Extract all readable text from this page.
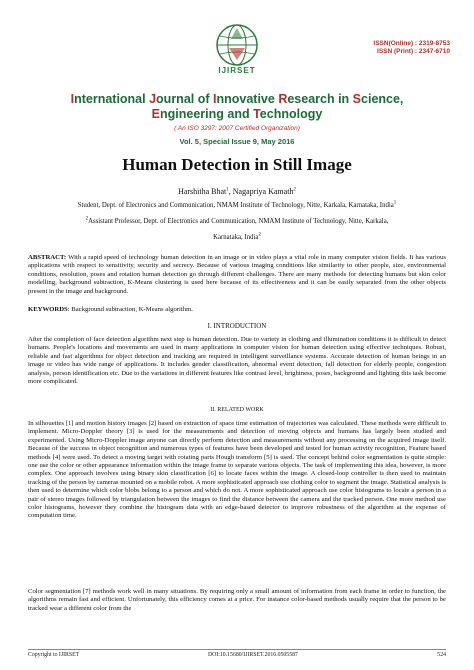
IJIRSET
ISSN(Online) : 2319-8753
ISSN (Print) : 2347-6710
International Journal of Innovative Research in Science,
Engineering and Technology
( An ISO 3297: 2007 Certified Organization)
Vol. 5, Special Issue 9, May 2016
Human Detection in Still Image
Harshitha Bhat$^1$, Nagapriya Kamath$^2$
Student, Dept. of Electronics and Communication, NMAM Institute of Technology, Nitte, Karkala, Karnataka, India$^1$
$^2$Assistant Professor, Dept. of Electronics and Communication, NMAM Institute of Technology, Nitte, Karkala,
Karnataka, India$^2$
ABSTRACT: With a rapid speed of technology human detection in an image or in video plays a vital role in many computer vision fields. It has various applications with respect to sensitivity, security and secrecy. Because of various imaging conditions like similarity to other people, size, environmental conditions, resolution, poses and rotation human detection go through different challenges. There are many methods for detecting humans but skin color modelling, background subtraction, K-Means clustering is used here because of its effectiveness and it can be easily separated from the other objects present in the image and background.
KEYWORDS: Background subtraction, K-Means algorithm.
I. INTRODUCTION
After the completion of face detection algorithm next step is human detection. Due to variety in clothing and illumination conditions it is difficult to detect humans. People's locations and movements are used in many applications in computer vision for human detection using effective techniques. Robust, reliable and fast algorithms for object detection and tracking are required in intelligent surveillance systems. Accurate detection of human beings in an image or video has wide range of applications. It includes gender classification, abnormal event detection, fall detection for elderly people, congestion analysis, person identification etc. Due to the variations in different features like contrast level, brightness, poses, background and lighting this task become more complicated.
II. RELATED WORK
In silhouettes [1] and motion history images [2] based on extraction of space time estimation of trajectories was calculated. These methods were difficult to implement. Micro-Doppler theory [3] is used for the measurements and detection of moving objects and humans has largely been studied and experimented. Using Micro-Doppler image anyone can directly perform detection and measurements without any processing on the acquired image itself. Because of the success in object recognition and numerous types of features have been developed and tested for human activity recognition, Feature based methods [4] were used. To detect a moving target with rotating parts Hough transform [5] is used. The concept behind color segmentation is quite simple: one use the color or other appearance information within the image frame to separate various objects. The task of implementing this idea, however, is more complex. One approach involves using binary skin classification [6] to locate faces within the image. A closed-loop controller is then used to maintain tracking of the person by cameras mounted on a mobile robot. A more sophisticated approach use clothing color to segment the image. Statistical analysis is then used to determine which color blobs belong to a person and which do not. A more sophisticated approach use color histograms to locate a person in a pair of stereo images followed by triangulation between the images to find the distance between the camera and the tracked person. One more method use color histograms, however they combine the histogram data with an edge-based detector to improve robustness of the algorithm at the expense of computation time.
Color segmentation [7] methods work well in many situations. By requiring only a small amount of information from each frame in order to function, the algorithms remain fast and efficient. Unfortunately, this efficiency comes at a price. For instance color-based methods usually require that the person to be tracked wear a different color from the
Copyright to IJIRSET	DOI:10.15680/IJIRSET.2016.0505587	524
